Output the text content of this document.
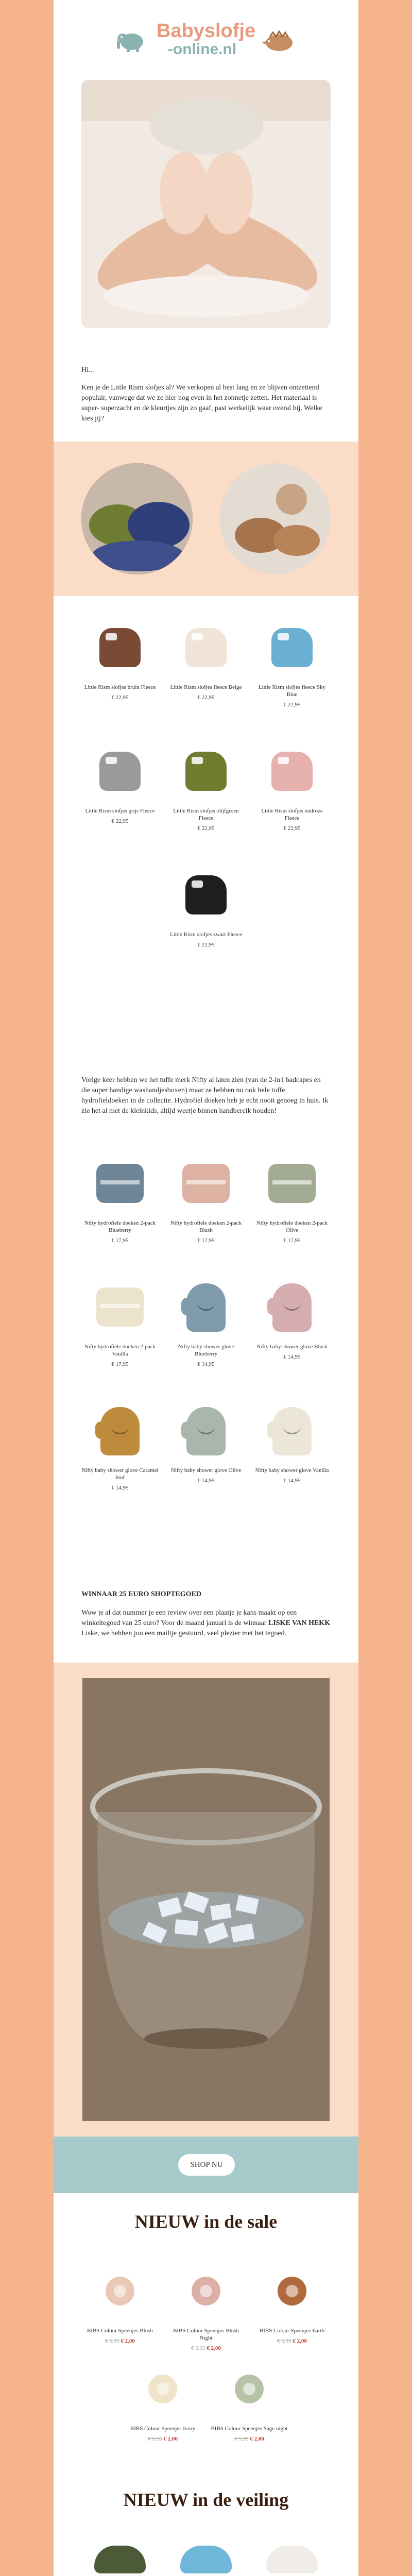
Babyslofje
-online.nl

Hi...

Ken je de Little Rism slofjes al? We verkopen al best lang en ze blijven ontzettend populair, vanwege dat we ze hier nog even in het zonnetje zetten. Het materiaal is super- superzacht en de kleurtjes zijn zo gaaf, past werkelijk waar overal bij. Welke kies jij?

Little Rism slofjes bruin Fleece
€ 22,95
Little Rism slofjes fleece Beige
€ 22,95
Little Rism slofjes fleece Sky Blue
€ 22,95
Little Rism slofjes grijs Fleece
€ 22,95
Little Rism slofjes olijfgroen Fleece
€ 22,95
Little Rism slofjes oudroze Fleece
€ 22,95
Little Rism slofjes zwart Fleece
€ 22,95

Vorige keer hebben we het tuffe merk Nifty al laten zien (van de 2-in1 badcapes en die super handige washandjesboxen) maar ze hebben nu ook hele toffe hydrofieldoeken in de collectie. Hydrofiel doeken heb je echt nooit genoeg in huis. Ik zie het al met de kleinkids, altijd weetje binnen handbereik houden!

Nifty hydrofiele doeken 2-pack Blueberry
€ 17,95
Nifty hydrofiele doeken 2-pack Blush
€ 17,95
Nifty hydrofiele doeken 2-pack Olive
€ 17,95
Nifty hydrofiele doeken 2-pack Vanilla
€ 17,95
Nifty baby shower glove Blueberry
€ 14,95
Nifty baby shower glove Blush
€ 14,95
Nifty baby shower glove Caramel Stuf
€ 14,95
Nifty baby shower glove Olive
€ 14,95
Nifty baby shower glove Vanilla
€ 14,95

WINNAAR 25 EURO SHOPTEGOED

Wow je al dat nummer je een review over een plaatje je kans maakt op een winkeltegoed van 25 euro? Voor de maand januari is de winnaar LISKE VAN HEKK Liske, we hebben jou een mailtje gestuurd, veel plezier met het tegoed.

SHOP NU
NIEUW in de sale
BIBS Colour Speenjes Blush
€ 5,95 € 2,00
BIBS Colour Speenjes Blush Night
€ 5,95 € 2,00
BIBS Colour Speenjes Earth
€ 5,95 € 2,00
BIBS Colour Speenjes Ivory
€ 5,95 € 2,00
BIBS Colour Speenjes Sage night
€ 5,95 € 2,00
NIEUW in de veiling
